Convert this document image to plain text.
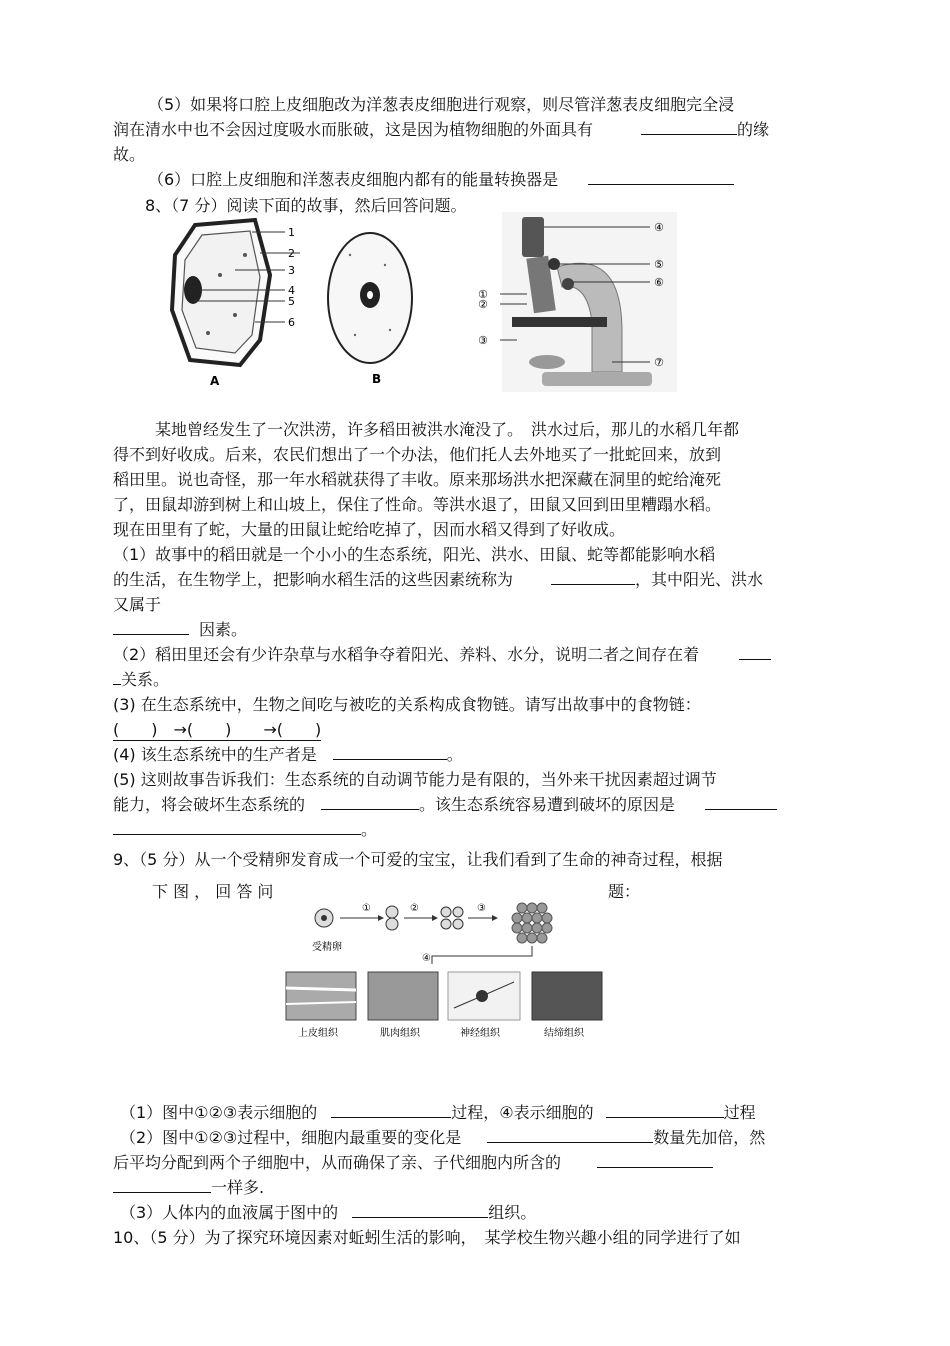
（5）如果将口腔上皮细胞改为洋葱表皮细胞进行观察，则尽管洋葱表皮细胞完全浸
润在清水中也不会因过度吸水而胀破，这是因为植物细胞的外面具有	的缘
故。
（6）口腔上皮细胞和洋葱表皮细胞内都有的能量转换器是
8、（7 分）阅读下面的故事，然后回答问题。
1
2
3
4
5
6
A	B
④
⑤
⑥
①
②
③
⑦
某地曾经发生了一次洪涝，许多稻田被洪水淹没了。　洪水过后，那儿的水稻几年都
得不到好收成。后来，农民们想出了一个办法，他们托人去外地买了一批蛇回来，放到
稻田里。说也奇怪，那一年水稻就获得了丰收。原来那场洪水把深藏在洞里的蛇给淹死
了，田鼠却游到树上和山坡上，保住了性命。等洪水退了，田鼠又回到田里糟蹋水稻。
现在田里有了蛇，大量的田鼠让蛇给吃掉了，因而水稻又得到了好收成。
（1）故事中的稻田就是一个小小的生态系统，阳光、洪水、田鼠、蛇等都能影响水稻
的生活，在生物学上，把影响水稻生活的这些因素统称为	，其中阳光、洪水
又属于
因素。
（2）稻田里还会有少许杂草与水稻争夺着阳光、养料、水分，说明二者之间存在着
关系。
(3) 在生态系统中，生物之间吃与被吃的关系构成食物链。请写出故事中的食物链：
(　　)　→(　　)　　→(　　)
(4) 该生态系统中的生产者是	。
(5) 这则故事告诉我们：生态系统的自动调节能力是有限的，当外来干扰因素超过调节
能力，将会破坏生态系统的	。该生态系统容易遭到破坏的原因是
。
9、（5 分）从一个受精卵发育成一个可爱的宝宝，让我们看到了生命的神奇过程，根据
下 图 ， 回 答 问	题：
①	②	③
受精卵
④
上皮组织	肌肉组织	神经组织	结缔组织
（1）图中①②③表示细胞的	过程，④表示细胞的	过程
（2）图中①②③过程中，细胞内最重要的变化是	数量先加倍，然
后平均分配到两个子细胞中，从而确保了亲、子代细胞内所含的
一样多.
（3）人体内的血液属于图中的	组织。
10、（5 分）为了探究环境因素对蚯蚓生活的影响，　某学校生物兴趣小组的同学进行了如
